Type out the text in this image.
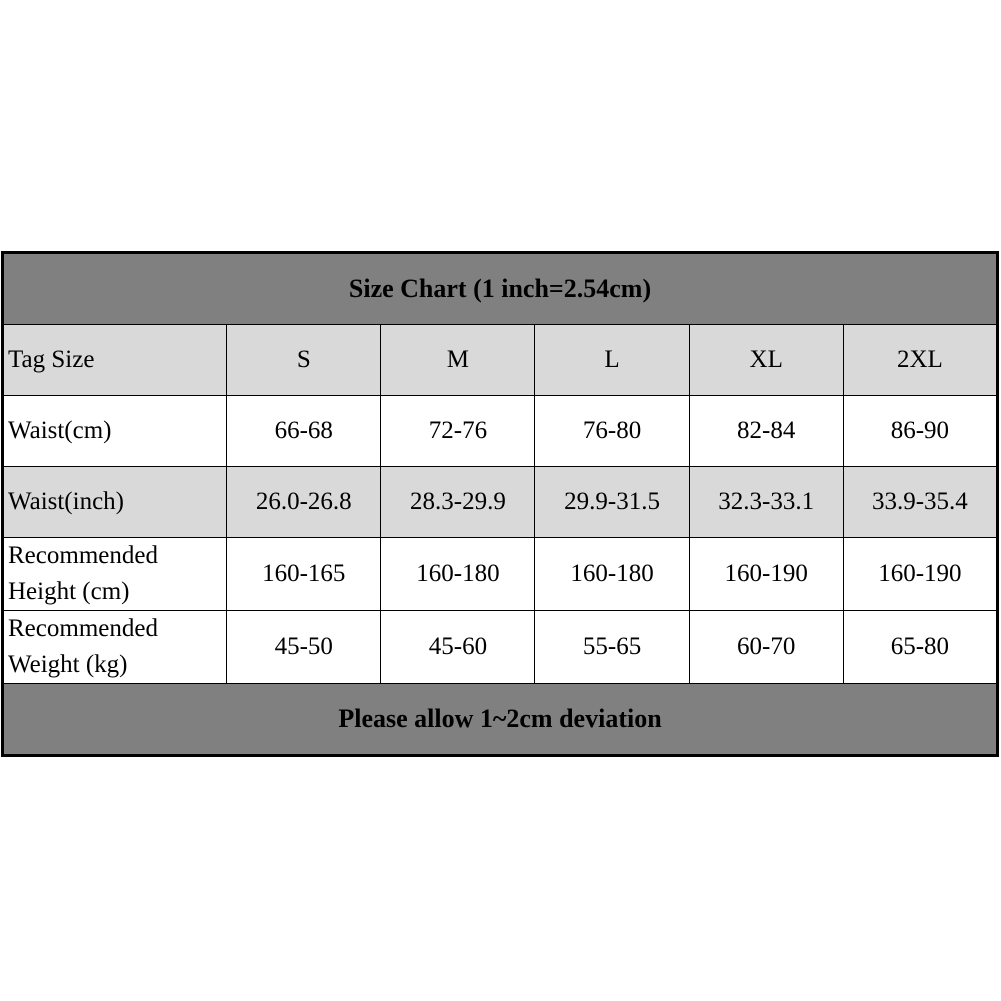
Size Chart (1 inch=2.54cm)					
Tag Size	S	M	L	XL	2XL
Waist(cm)	66-68	72-76	76-80	82-84	86-90
Waist(inch)	26.0-26.8	28.3-29.9	29.9-31.5	32.3-33.1	33.9-35.4
Recommended
Height (cm)	160-165	160-180	160-180	160-190	160-190
Recommended
Weight (kg)	45-50	45-60	55-65	60-70	65-80
Please allow 1~2cm deviation					
